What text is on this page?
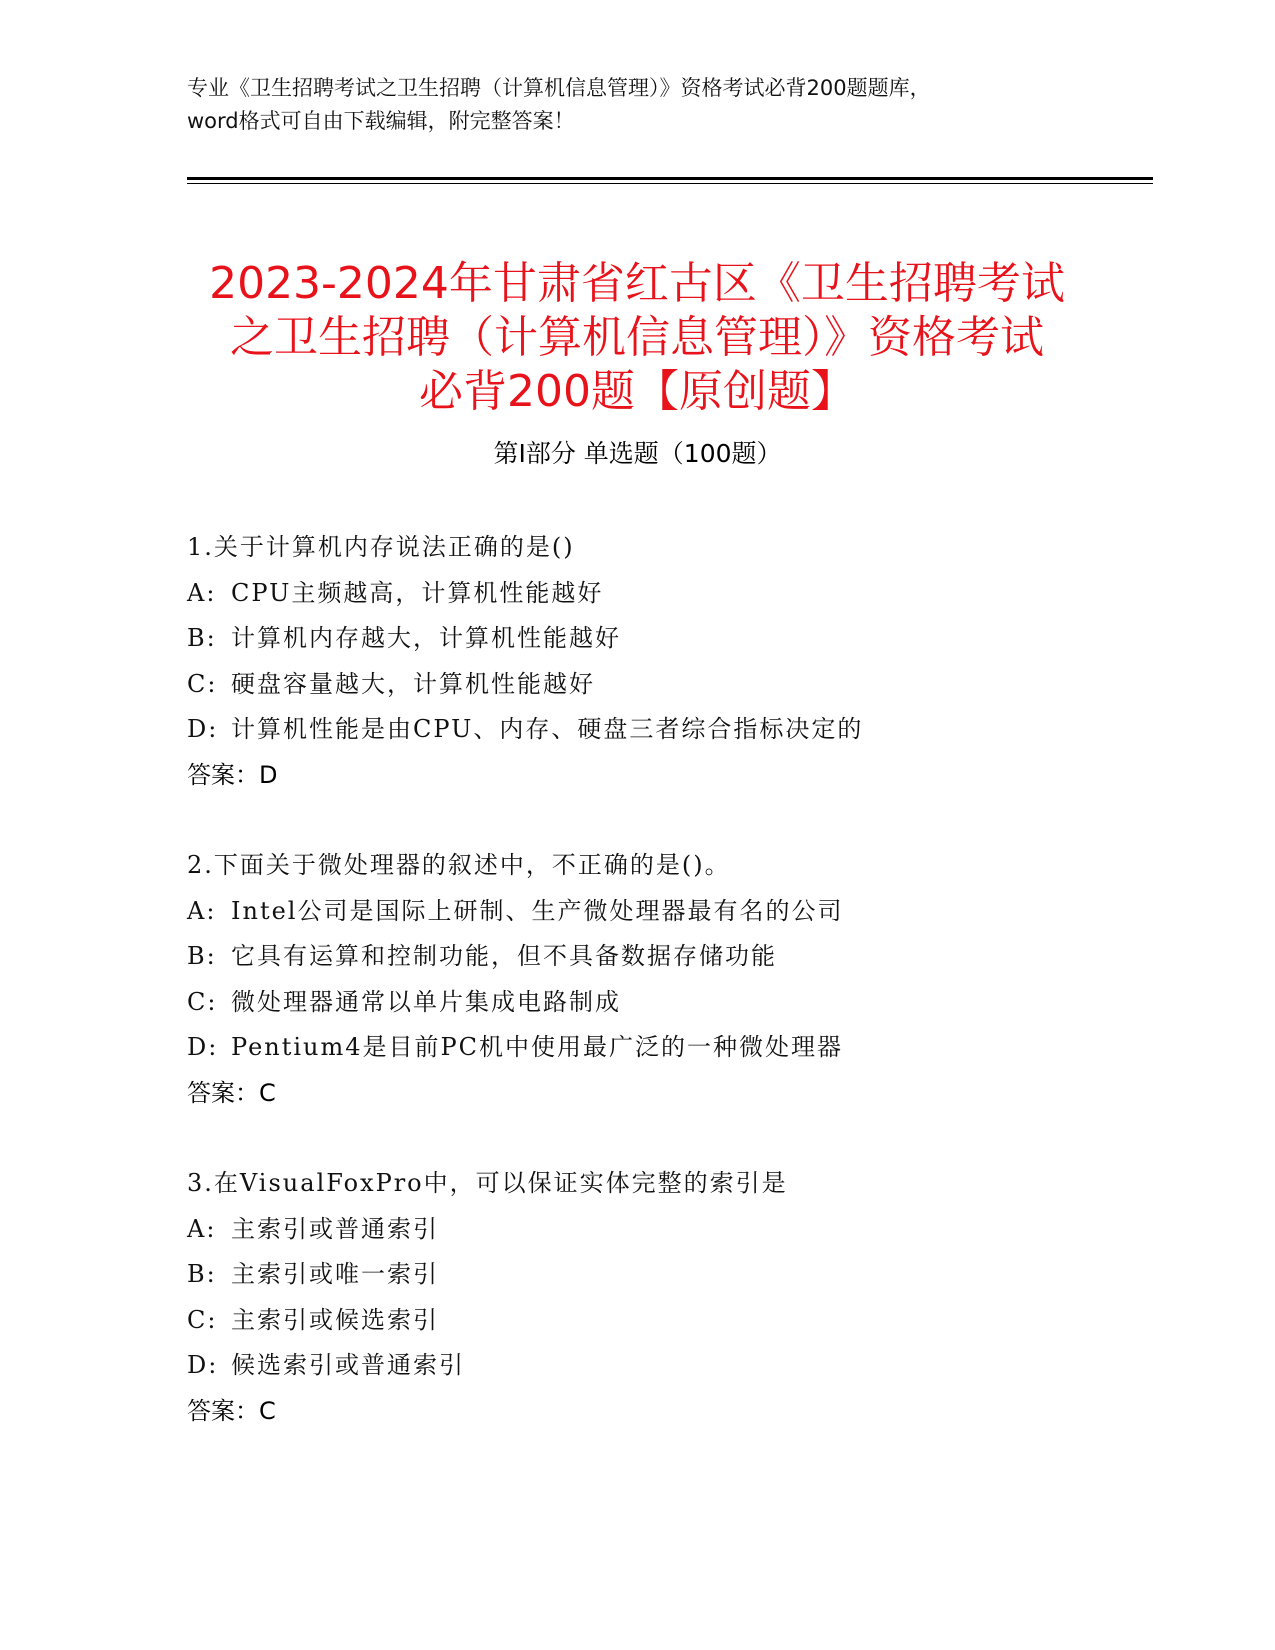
专业《卫生招聘考试之卫生招聘（计算机信息管理）》资格考试必背200题题库，
word格式可自由下载编辑，附完整答案！
2023-2024年甘肃省红古区《卫生招聘考试
之卫生招聘（计算机信息管理）》资格考试
必背200题【原创题】
第Ⅰ部分 单选题（100题）
1.关于计算机内存说法正确的是()
A: CPU主频越高，计算机性能越好
B: 计算机内存越大，计算机性能越好
C: 硬盘容量越大，计算机性能越好
D: 计算机性能是由CPU、内存、硬盘三者综合指标决定的
答案：D
2.下面关于微处理器的叙述中，不正确的是()。
A: Intel公司是国际上研制、生产微处理器最有名的公司
B: 它具有运算和控制功能，但不具备数据存储功能
C: 微处理器通常以单片集成电路制成
D: Pentium4是目前PC机中使用最广泛的一种微处理器
答案：C
3.在VisualFoxPro中，可以保证实体完整的索引是
A: 主索引或普通索引
B: 主索引或唯一索引
C: 主索引或候选索引
D: 候选索引或普通索引
答案：C
